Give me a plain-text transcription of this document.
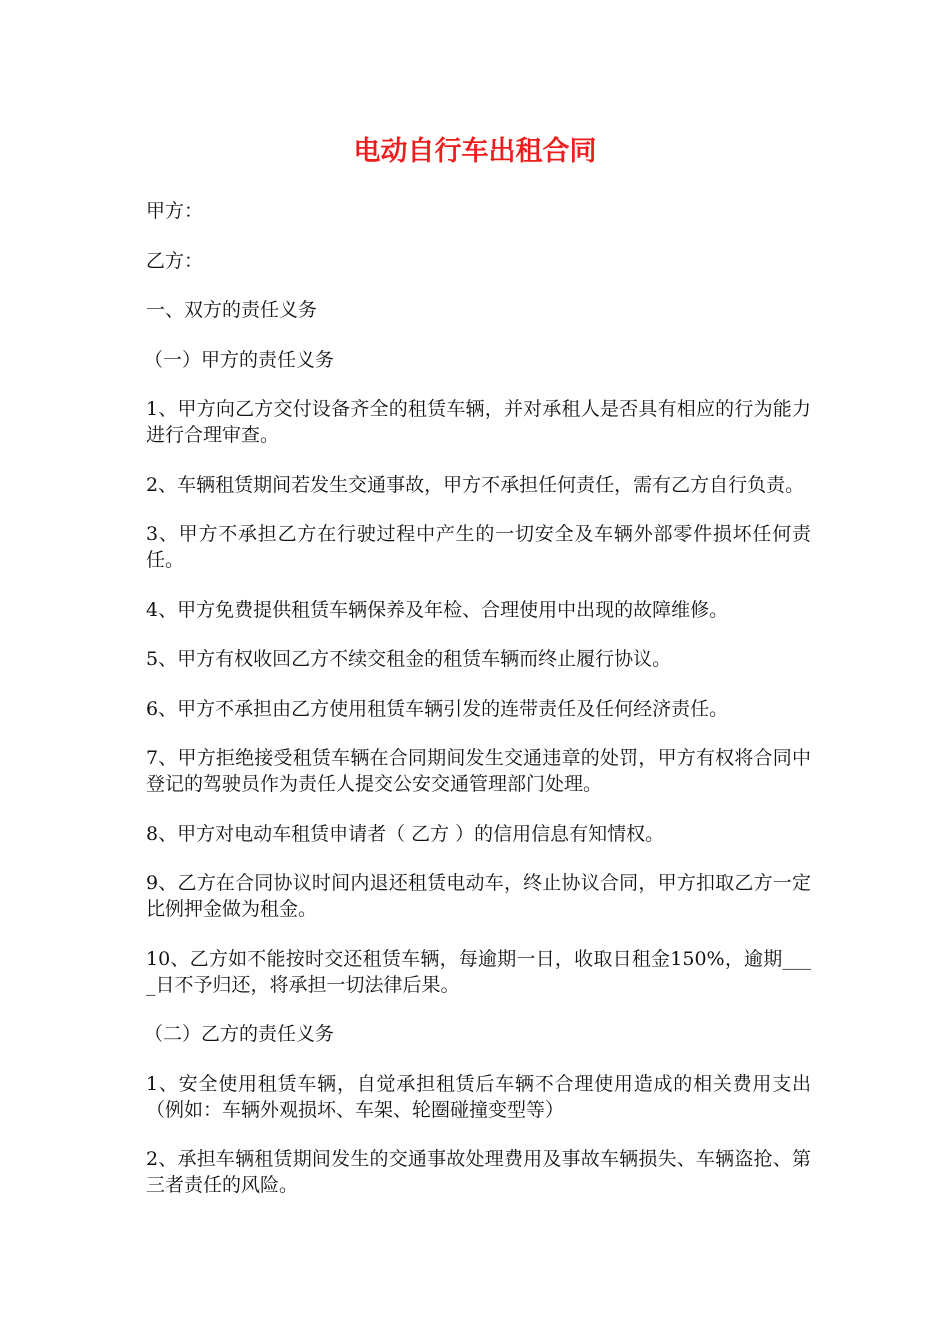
电动自行车出租合同

甲方：

乙方：

一、双方的责任义务

（一）甲方的责任义务

1、甲方向乙方交付设备齐全的租赁车辆，并对承租人是否具有相应的行为能力进行合理审查。

2、车辆租赁期间若发生交通事故，甲方不承担任何责任，需有乙方自行负责。

3、甲方不承担乙方在行驶过程中产生的一切安全及车辆外部零件损坏任何责任。

4、甲方免费提供租赁车辆保养及年检、合理使用中出现的故障维修。

5、甲方有权收回乙方不续交租金的租赁车辆而终止履行协议。

6、甲方不承担由乙方使用租赁车辆引发的连带责任及任何经济责任。

7、甲方拒绝接受租赁车辆在合同期间发生交通违章的处罚，甲方有权将合同中登记的驾驶员作为责任人提交公安交通管理部门处理。

8、甲方对电动车租赁申请者（ 乙方 ）的信用信息有知情权。

9、乙方在合同协议时间内退还租赁电动车，终止协议合同，甲方扣取乙方一定比例押金做为租金。

10、乙方如不能按时交还租赁车辆，每逾期一日，收取日租金150%，逾期____日不予归还，将承担一切法律后果。

（二）乙方的责任义务

1、安全使用租赁车辆，自觉承担租赁后车辆不合理使用造成的相关费用支出（例如：车辆外观损坏、车架、轮圈碰撞变型等）

2、承担车辆租赁期间发生的交通事故处理费用及事故车辆损失、车辆盗抢、第三者责任的风险。
